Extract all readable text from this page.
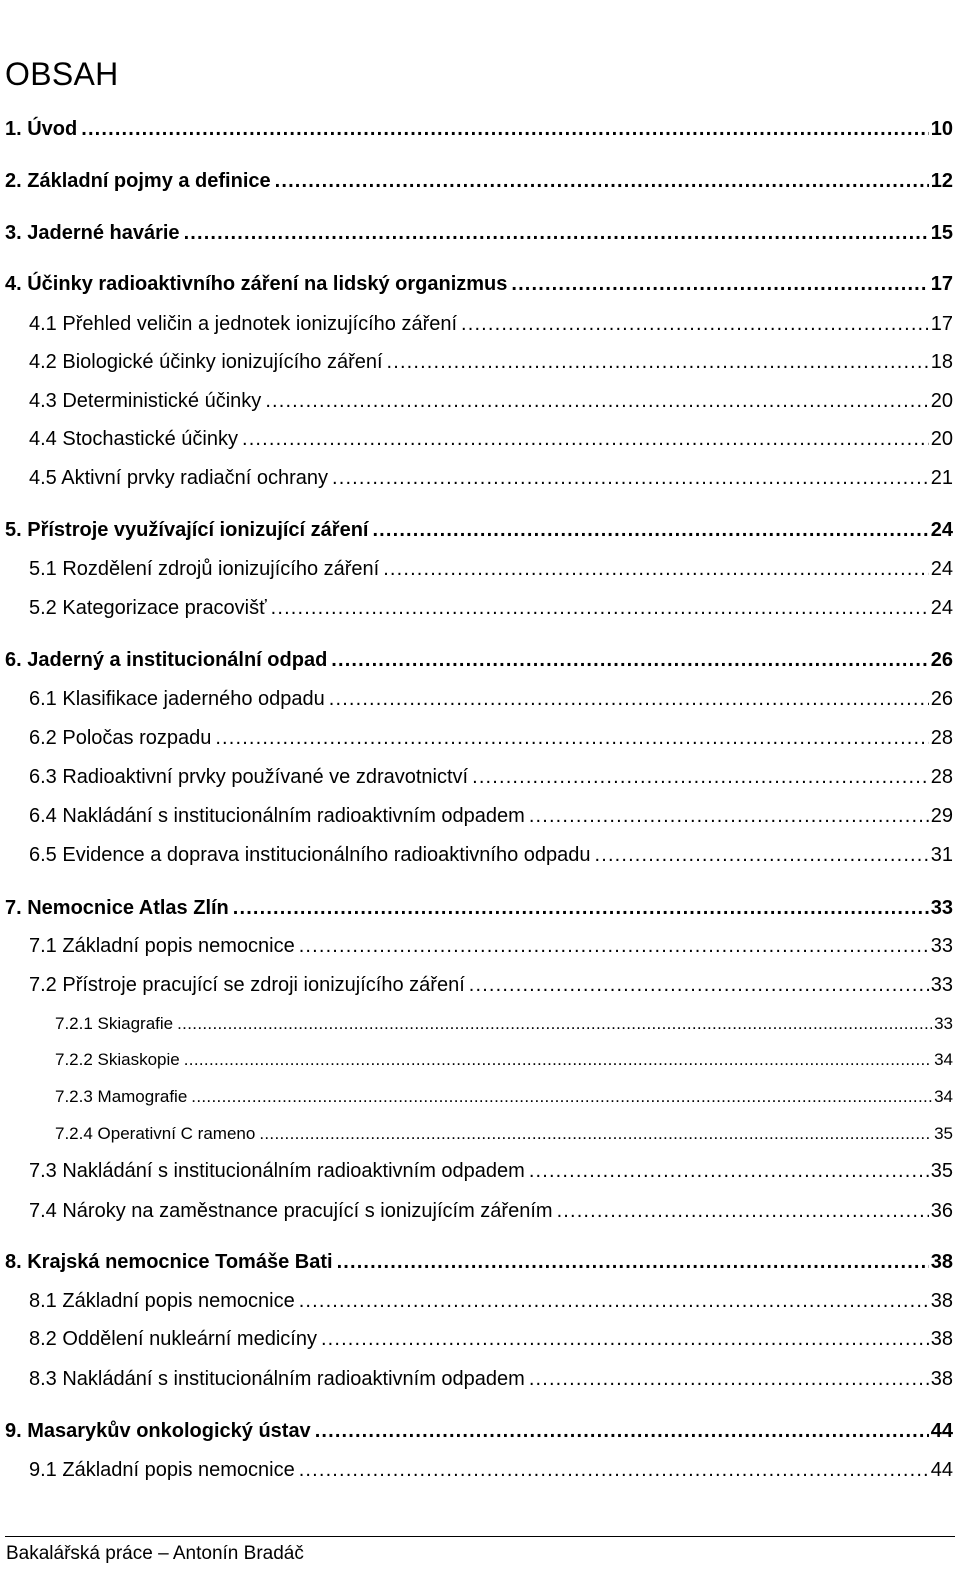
OBSAH
1. Úvod . . .	10
2. Základní pojmy a definice . . .	12
3. Jaderné havárie . . .	15
4. Účinky radioaktivního záření na lidský organizmus . . .	17
4.1 Přehled veličin a jednotek ionizujícího záření . . .	17
4.2 Biologické účinky ionizujícího záření . . .	18
4.3 Deterministické účinky . . .	20
4.4 Stochastické účinky . . .	20
4.5 Aktivní prvky radiační ochrany . . .	21
5. Přístroje využívající ionizující záření . . .	24
5.1 Rozdělení zdrojů ionizujícího záření . . .	24
5.2 Kategorizace pracovišť . . .	24
6. Jaderný a institucionální odpad . . .	26
6.1 Klasifikace jaderného odpadu . . .	26
6.2 Poločas rozpadu . . .	28
6.3 Radioaktivní prvky používané ve zdravotnictví . . .	28
6.4 Nakládání s institucionálním radioaktivním odpadem . . .	29
6.5 Evidence a doprava institucionálního radioaktivního odpadu . . .	31
7. Nemocnice Atlas Zlín . . .	33
7.1 Základní popis nemocnice . . .	33
7.2 Přístroje pracující se zdroji ionizujícího záření . . .	33
7.2.1 Skiagrafie . . .	33
7.2.2 Skiaskopie . . .	34
7.2.3 Mamografie . . .	34
7.2.4 Operativní C rameno . . .	35
7.3 Nakládání s institucionálním radioaktivním odpadem . . .	35
7.4 Nároky na zaměstnance pracující s ionizujícím zářením . . .	36
8. Krajská nemocnice Tomáše Bati . . .	38
8.1 Základní popis nemocnice . . .	38
8.2 Oddělení nukleární medicíny . . .	38
8.3 Nakládání s institucionálním radioaktivním odpadem . . .	38
9. Masarykův onkologický ústav . . .	44
9.1 Základní popis nemocnice . . .	44
Bakalářská práce – Antonín Bradáč
